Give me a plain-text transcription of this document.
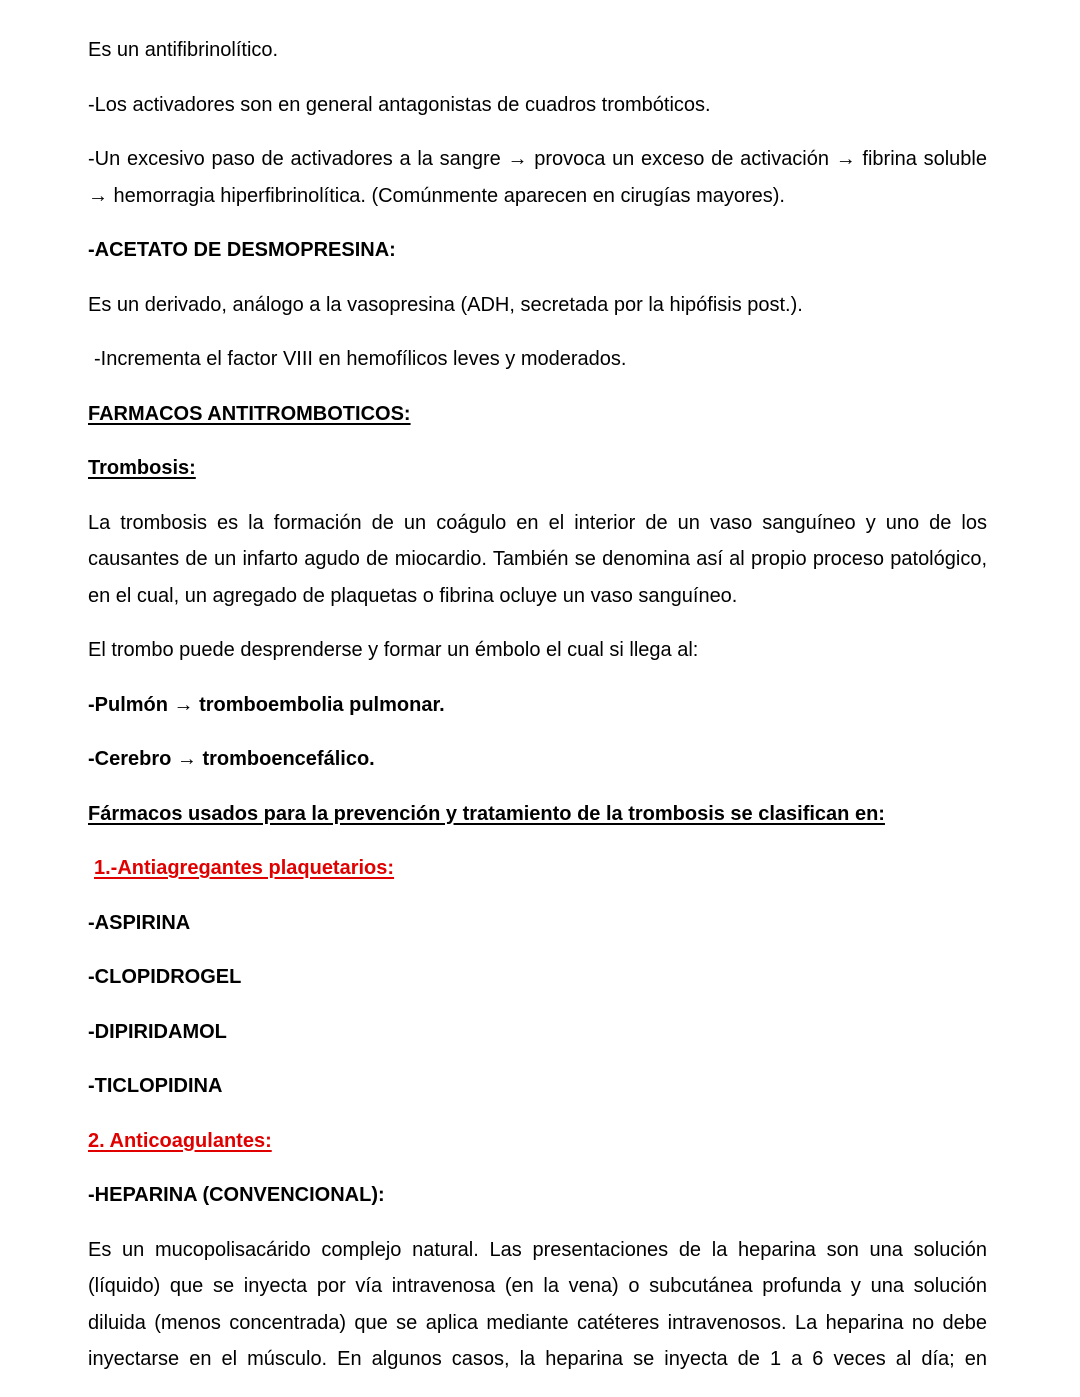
Es un antifibrinolítico.

-Los activadores son en general antagonistas de cuadros trombóticos.

-Un excesivo paso de activadores a la sangre → provoca un exceso de activación → fibrina soluble → hemorragia hiperfibrinolítica. (Comúnmente aparecen en cirugías mayores).

-ACETATO DE DESMOPRESINA:

Es un derivado, análogo a la vasopresina (ADH, secretada por la hipófisis post.).

-Incrementa el factor VIII en hemofílicos leves y moderados.

FARMACOS ANTITROMBOTICOS:

Trombosis:

La trombosis es la formación de un coágulo en el interior de un vaso sanguíneo y uno de los causantes de un infarto agudo de miocardio. También se denomina así al propio proceso patológico, en el cual, un agregado de plaquetas o fibrina ocluye un vaso sanguíneo.

El trombo puede desprenderse y formar un émbolo el cual si llega al:

-Pulmón → tromboembolia pulmonar.

-Cerebro → tromboencefálico.

Fármacos usados para la prevención y tratamiento de la trombosis se clasifican en:

1.-Antiagregantes plaquetarios:

-ASPIRINA

-CLOPIDROGEL

-DIPIRIDAMOL

-TICLOPIDINA

2. Anticoagulantes:

-HEPARINA (CONVENCIONAL):

Es un mucopolisacárido complejo natural. Las presentaciones de la heparina son una solución (líquido) que se inyecta por vía intravenosa (en la vena) o subcutánea profunda y una solución diluida (menos concentrada) que se aplica mediante catéteres intravenosos. La heparina no debe inyectarse en el músculo. En algunos casos, la heparina se inyecta de 1 a 6 veces al día; en
